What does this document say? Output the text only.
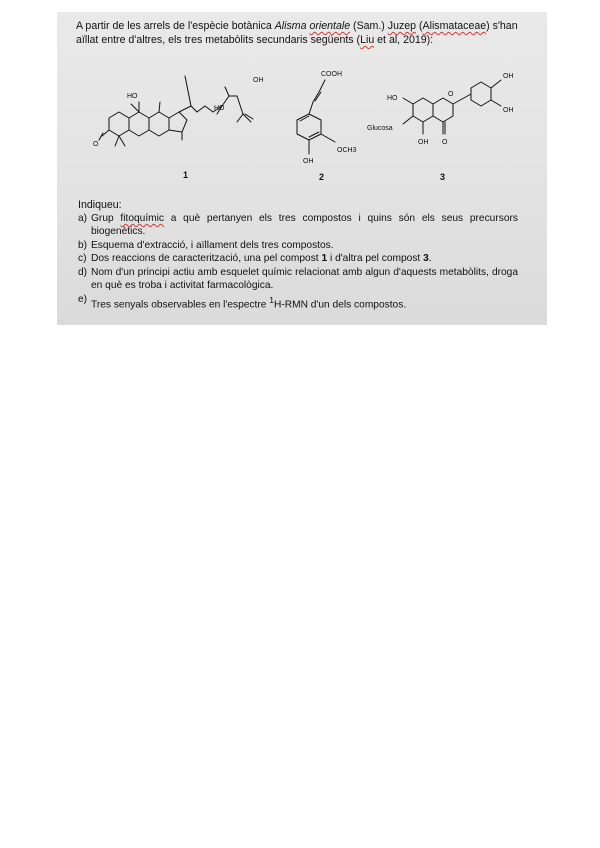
A partir de les arrels de l'espècie botànica Alisma orientale (Sam.) Juzep (Alismataceae) s'han aïllat entre d'altres, els tres metabòlits secundaris següents (Liu et al, 2019):
HO
OH
HO
O
1
COOH
OCH3
OH
2
HO
O
OH
OH
Glucosa
OH O
3
Indiqueu:
a) Grup fitoquímic a què pertanyen els tres compostos i quins són els seus precursors biogenètics.
b) Esquema d'extracció, i aïllament dels tres compostos.
c) Dos reaccions de caracterització, una pel compost 1 i d'altra pel compost 3.
d) Nom d'un principi actiu amb esquelet químic relacionat amb algun d'aquests metabòlits, droga en què es troba i activitat farmacològica.
e) Tres senyals observables en l'espectre $^1$H-RMN d'un dels compostos.
